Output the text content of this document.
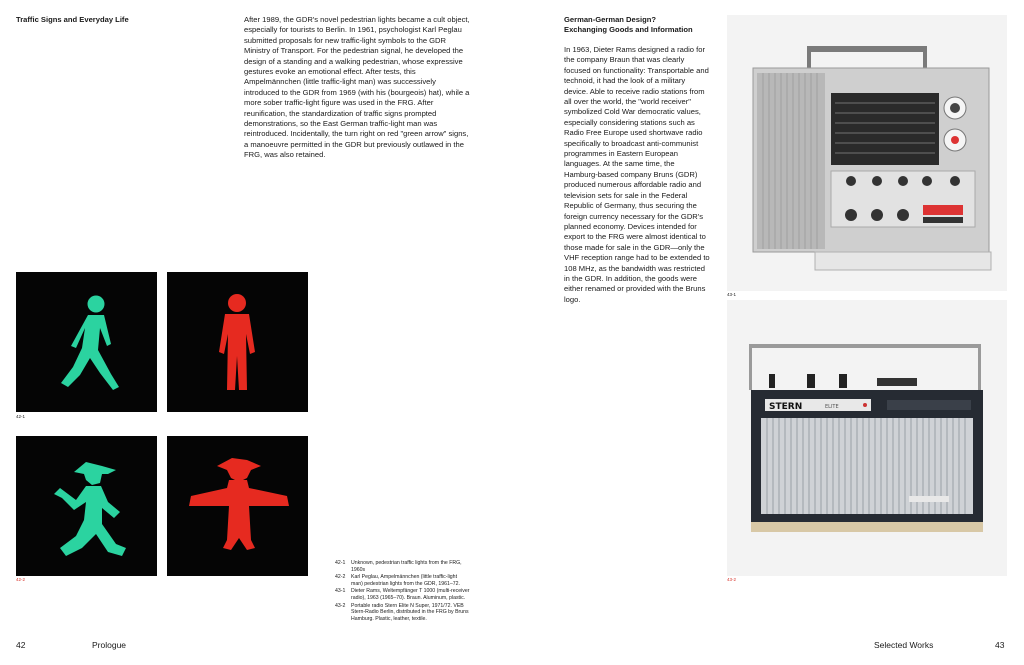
Traffic Signs and Everyday Life	After 1989, the GDR's novel pedestrian lights became a cult object, especially for tourists to Berlin. In 1961, psychologist Karl Peglau submitted proposals for new traffic-light symbols to the GDR Ministry of Transport. For the pedestrian signal, he developed the design of a standing and a walking pedestrian, whose expressive gestures evoke an emotional effect. After tests, this Ampelmännchen (little traffic-light man) was successively introduced to the GDR from 1969 (with his (bourgeois) hat), while a more sober traffic-light figure was used in the FRG. After reunification, the standardization of traffic signs prompted demonstrations, so the East German traffic-light man was reintroduced. Incidentally, the turn right on red "green arrow" signs, a manoeuvre permitted in the GDR but previously outlawed in the FRG, was also retained.
42-1
42-2
42-1	Unknown, pedestrian traffic lights from the FRG, 1960s
42-2	Karl Peglau, Ampelmännchen (little traffic-light man) pedestrian lights from the GDR, 1961–72.
43-1	Dieter Rams, Weltempfänger T 1000 (multi-receiver radio), 1963 (1965–70). Braun. Aluminum, plastic.
43-2	Portable radio Stern Elite N Super, 1971/72. VEB Stern-Radio Berlin, distributed in the FRG by Bruns Hamburg. Plastic, leather, textile.
42	Prologue
German-German Design?
Exchanging Goods and Information
In 1963, Dieter Rams designed a radio for the company Braun that was clearly focused on functionality: Transportable and technoid, it had the look of a military device. Able to receive radio stations from all over the world, the "world receiver" symbolized Cold War democratic values, especially considering stations such as Radio Free Europe used shortwave radio specifically to broadcast anti-communist programmes in Eastern European languages. At the same time, the Hamburg-based company Bruns (GDR) produced numerous affordable radio and television sets for sale in the Federal Republic of Germany, thus securing the foreign currency necessary for the GDR's planned economy. Devices intended for export to the FRG were almost identical to those made for sale in the GDR—only the VHF reception range had to be extended to 108 MHz, as the bandwidth was restricted in the GDR. In addition, the goods were either renamed or provided with the Bruns logo.
43-1
STERN	ELITE
43-2
Selected Works	43
